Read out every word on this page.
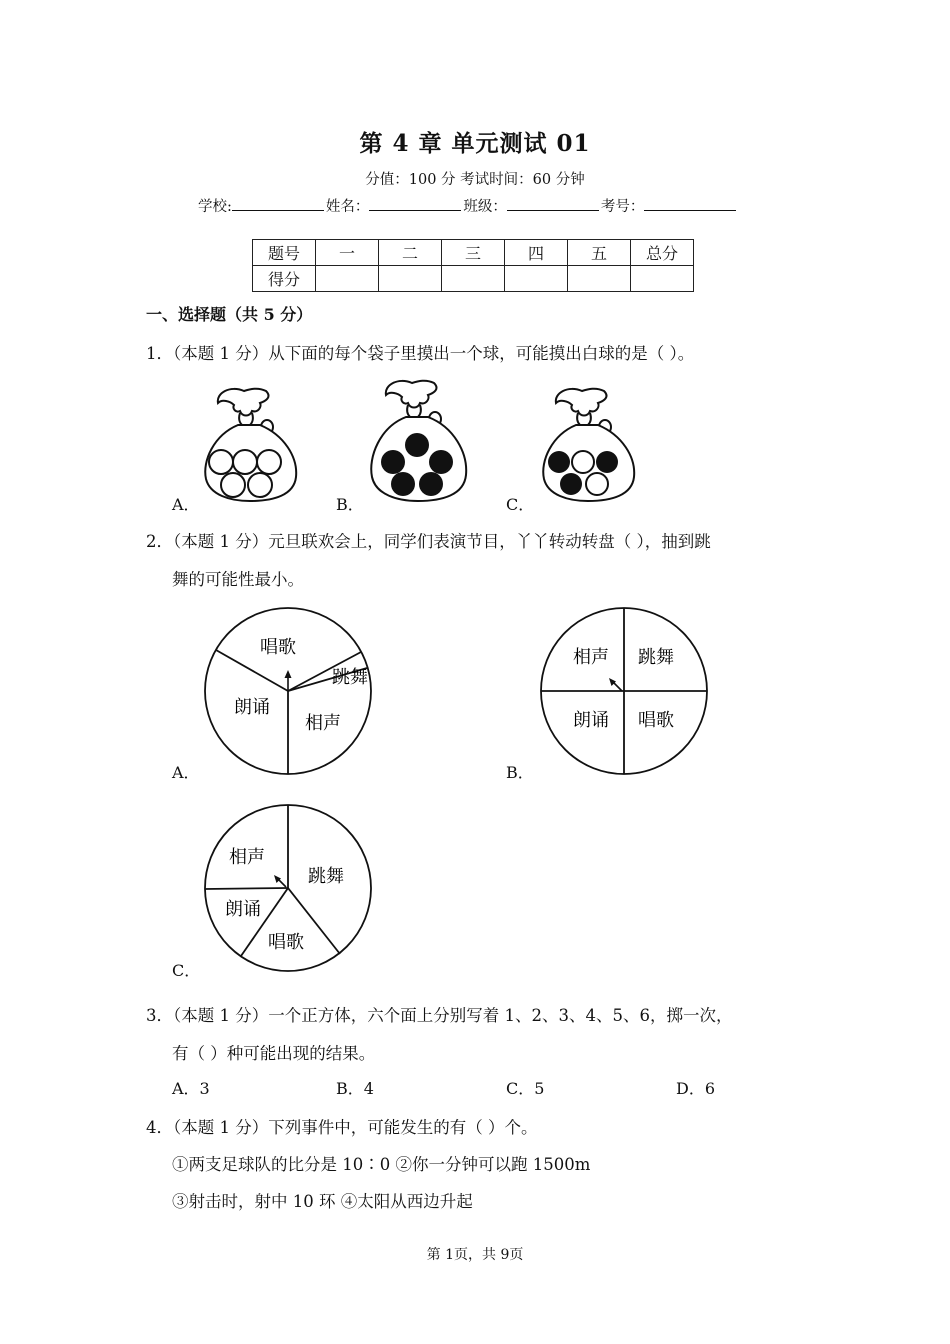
第 4 章 单元测试 01
分值：100 分 考试时间：60 分钟
学校:	姓名：	班级：	考号：
题号	一	二	三	四	五	总分
得分						
一、选择题（共 5 分）
1．（本题 1 分）从下面的每个袋子里摸出一个球，可能摸出白球的是（ ）。
A．	B．	C．
2．（本题 1 分）元旦联欢会上，同学们表演节目，丫丫转动转盘（ ），抽到跳
舞的可能性最小。
唱歌
跳舞
朗诵
相声
A．
相声 跳舞
朗诵 唱歌
B．
相声
跳舞
朗诵
唱歌
C．
3．（本题 1 分）一个正方体，六个面上分别写着 1、2、3、4、5、6，掷一次，
有（ ）种可能出现的结果。
A．3	B．4	C．5	D．6
4．（本题 1 分）下列事件中，可能发生的有（ ）个。
①两支足球队的比分是 10∶0 ②你一分钟可以跑 1500m
③射击时，射中 10 环 ④太阳从西边升起
第 1页，共 9页
